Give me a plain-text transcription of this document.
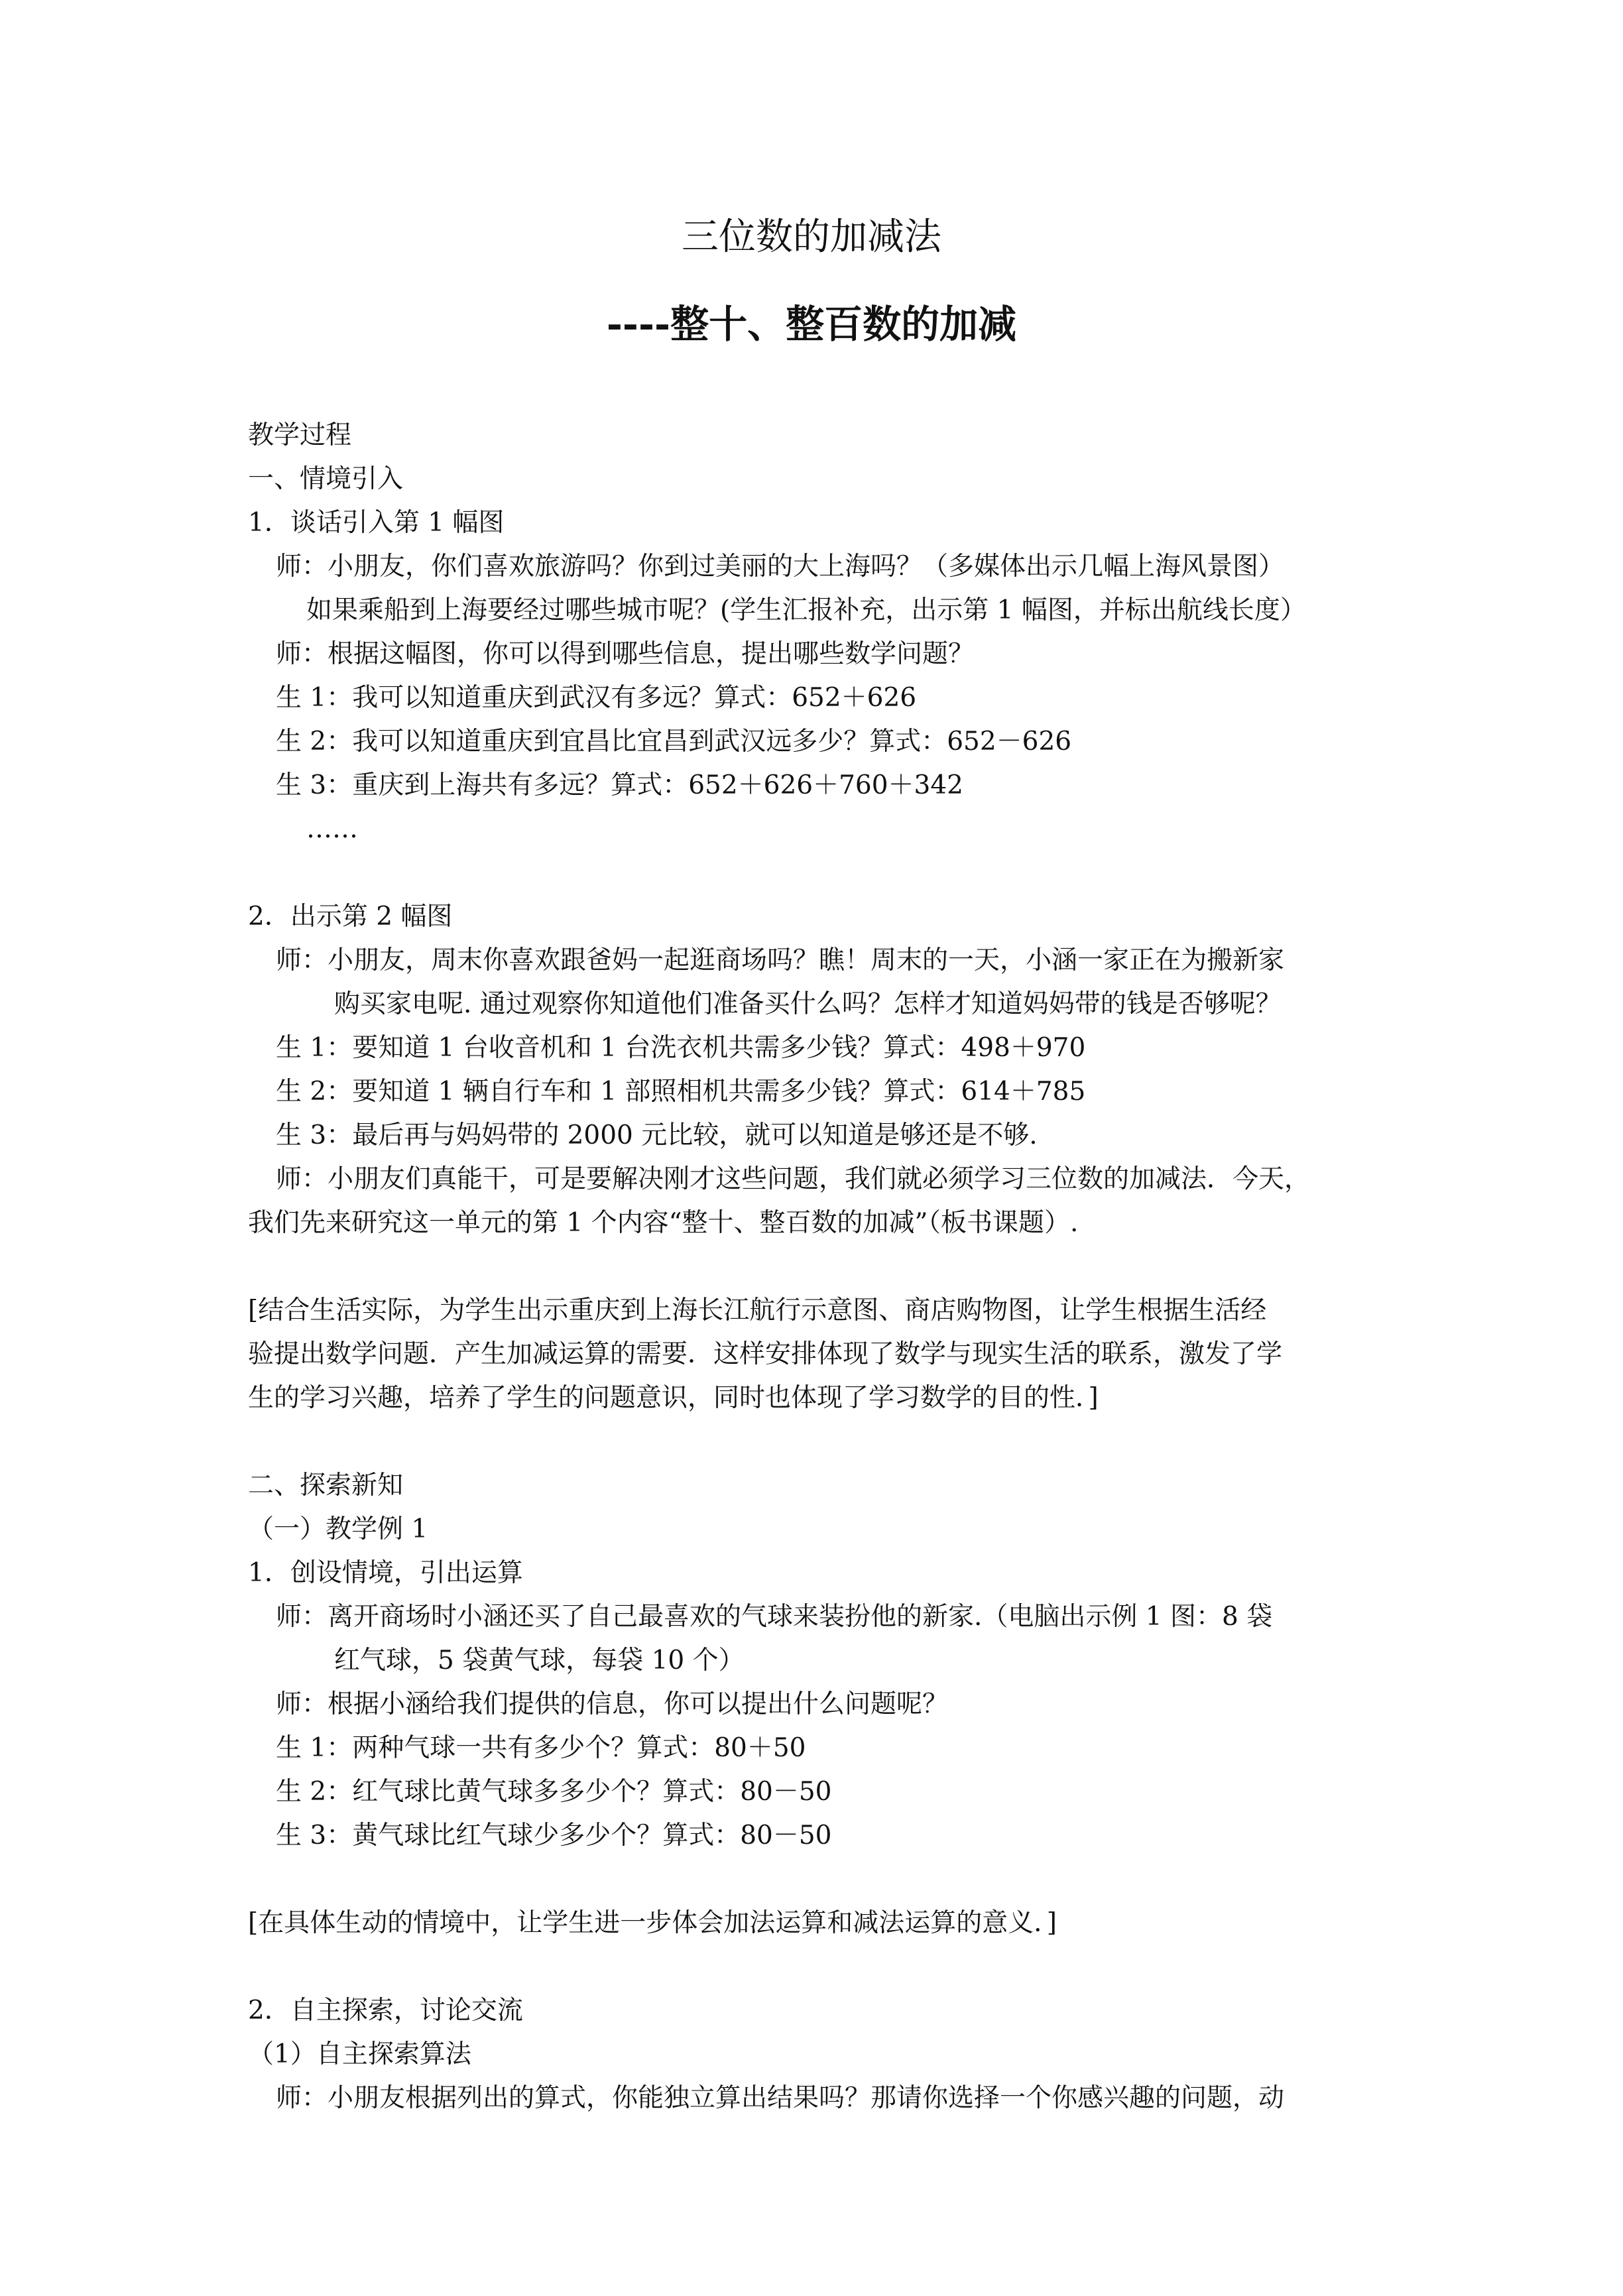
三位数的加减法
----整十、整百数的加减

教学过程

一、情境引入

1．谈话引入第 1 幅图

师：小朋友，你们喜欢旅游吗？你到过美丽的大上海吗？（多媒体出示几幅上海风景图）

如果乘船到上海要经过哪些城市呢？(学生汇报补充，出示第 1 幅图，并标出航线长度）

师：根据这幅图，你可以得到哪些信息，提出哪些数学问题？

生 1：我可以知道重庆到武汉有多远？算式：652＋626

生 2：我可以知道重庆到宜昌比宜昌到武汉远多少？算式：652－626

生 3：重庆到上海共有多远？算式：652＋626＋760＋342

……

2．出示第 2 幅图

师：小朋友，周末你喜欢跟爸妈一起逛商场吗？瞧！周末的一天，小涵一家正在为搬新家

购买家电呢. 通过观察你知道他们准备买什么吗？怎样才知道妈妈带的钱是否够呢？

生 1：要知道 1 台收音机和 1 台洗衣机共需多少钱？算式：498＋970

生 2：要知道 1 辆自行车和 1 部照相机共需多少钱？算式：614＋785

生 3：最后再与妈妈带的 2000 元比较，就可以知道是够还是不够.

师：小朋友们真能干，可是要解决刚才这些问题，我们就必须学习三位数的加减法．今天，

我们先来研究这一单元的第 1 个内容“整十、整百数的加减”（板书课题）.

[结合生活实际，为学生出示重庆到上海长江航行示意图、商店购物图，让学生根据生活经

验提出数学问题．产生加减运算的需要．这样安排体现了数学与现实生活的联系，激发了学

生的学习兴趣，培养了学生的问题意识，同时也体现了学习数学的目的性．]

二、探索新知

（一）教学例 1

1．创设情境，引出运算

师：离开商场时小涵还买了自己最喜欢的气球来装扮他的新家.（电脑出示例 1 图：8 袋

红气球，5 袋黄气球，每袋 10 个）

师：根据小涵给我们提供的信息，你可以提出什么问题呢？

生 1：两种气球一共有多少个？算式：80＋50

生 2：红气球比黄气球多多少个？算式：80－50

生 3：黄气球比红气球少多少个？算式：80－50

[在具体生动的情境中，让学生进一步体会加法运算和减法运算的意义．]

2．自主探索，讨论交流

（1）自主探索算法

师：小朋友根据列出的算式，你能独立算出结果吗？那请你选择一个你感兴趣的问题，动
